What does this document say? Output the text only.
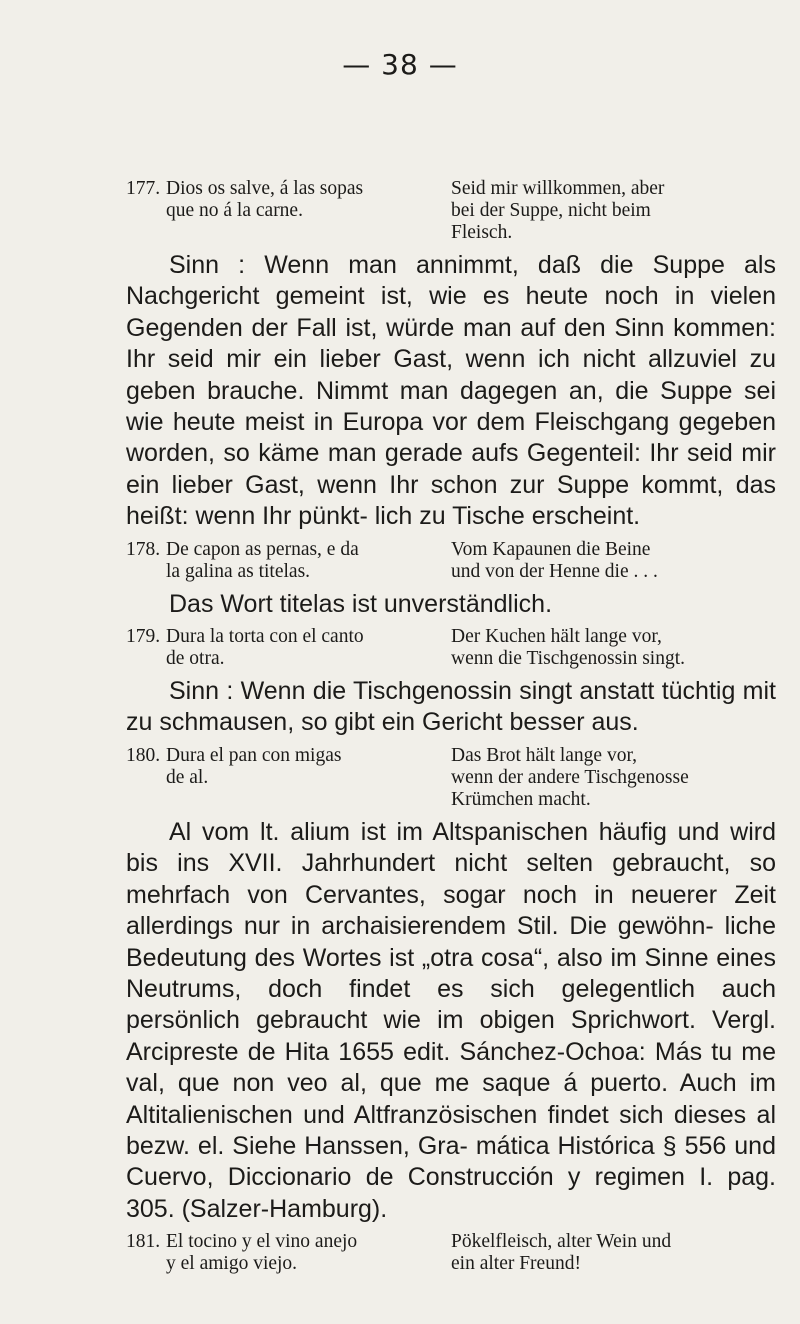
— 38 —
177. Dios os salve, á las sopas
que no á la carne.
Seid mir willkommen, aber
bei der Suppe, nicht beim
Fleisch.

Sinn : Wenn man annimmt, daß die Suppe als Nachgericht gemeint ist, wie es heute noch in vielen Gegenden der Fall ist, würde man auf den Sinn kommen: Ihr seid mir ein lieber Gast, wenn ich nicht allzuviel zu geben brauche. Nimmt man dagegen an, die Suppe sei wie heute meist in Europa vor dem Fleischgang gegeben worden, so käme man gerade aufs Gegenteil: Ihr seid mir ein lieber Gast, wenn Ihr schon zur Suppe kommt, das heißt: wenn Ihr pünkt- lich zu Tische erscheint.

178. De capon as pernas, e da
la galina as titelas.
Vom Kapaunen die Beine
und von der Henne die . . .

Das Wort titelas ist unverständlich.

179. Dura la torta con el canto
de otra.
Der Kuchen hält lange vor,
wenn die Tischgenossin singt.

Sinn : Wenn die Tischgenossin singt anstatt tüchtig mit zu schmausen, so gibt ein Gericht besser aus.

180. Dura el pan con migas
de al.
Das Brot hält lange vor,
wenn der andere Tischgenosse
Krümchen macht.

Al vom lt. alium ist im Altspanischen häufig und wird bis ins XVII. Jahrhundert nicht selten gebraucht, so mehrfach von Cervantes, sogar noch in neuerer Zeit allerdings nur in archaisierendem Stil. Die gewöhn- liche Bedeutung des Wortes ist „otra cosa“, also im Sinne eines Neutrums, doch findet es sich gelegentlich auch persönlich gebraucht wie im obigen Sprichwort. Vergl. Arcipreste de Hita 1655 edit. Sánchez-Ochoa: Más tu me val, que non veo al, que me saque á puerto. Auch im Altitalienischen und Altfranzösischen findet sich dieses al bezw. el. Siehe Hanssen, Gra- mática Histórica § 556 und Cuervo, Diccionario de Construcción y regimen I. pag. 305. (Salzer-Hamburg).

181. El tocino y el vino anejo
y el amigo viejo.
Pökelfleisch, alter Wein und
ein alter Freund!
